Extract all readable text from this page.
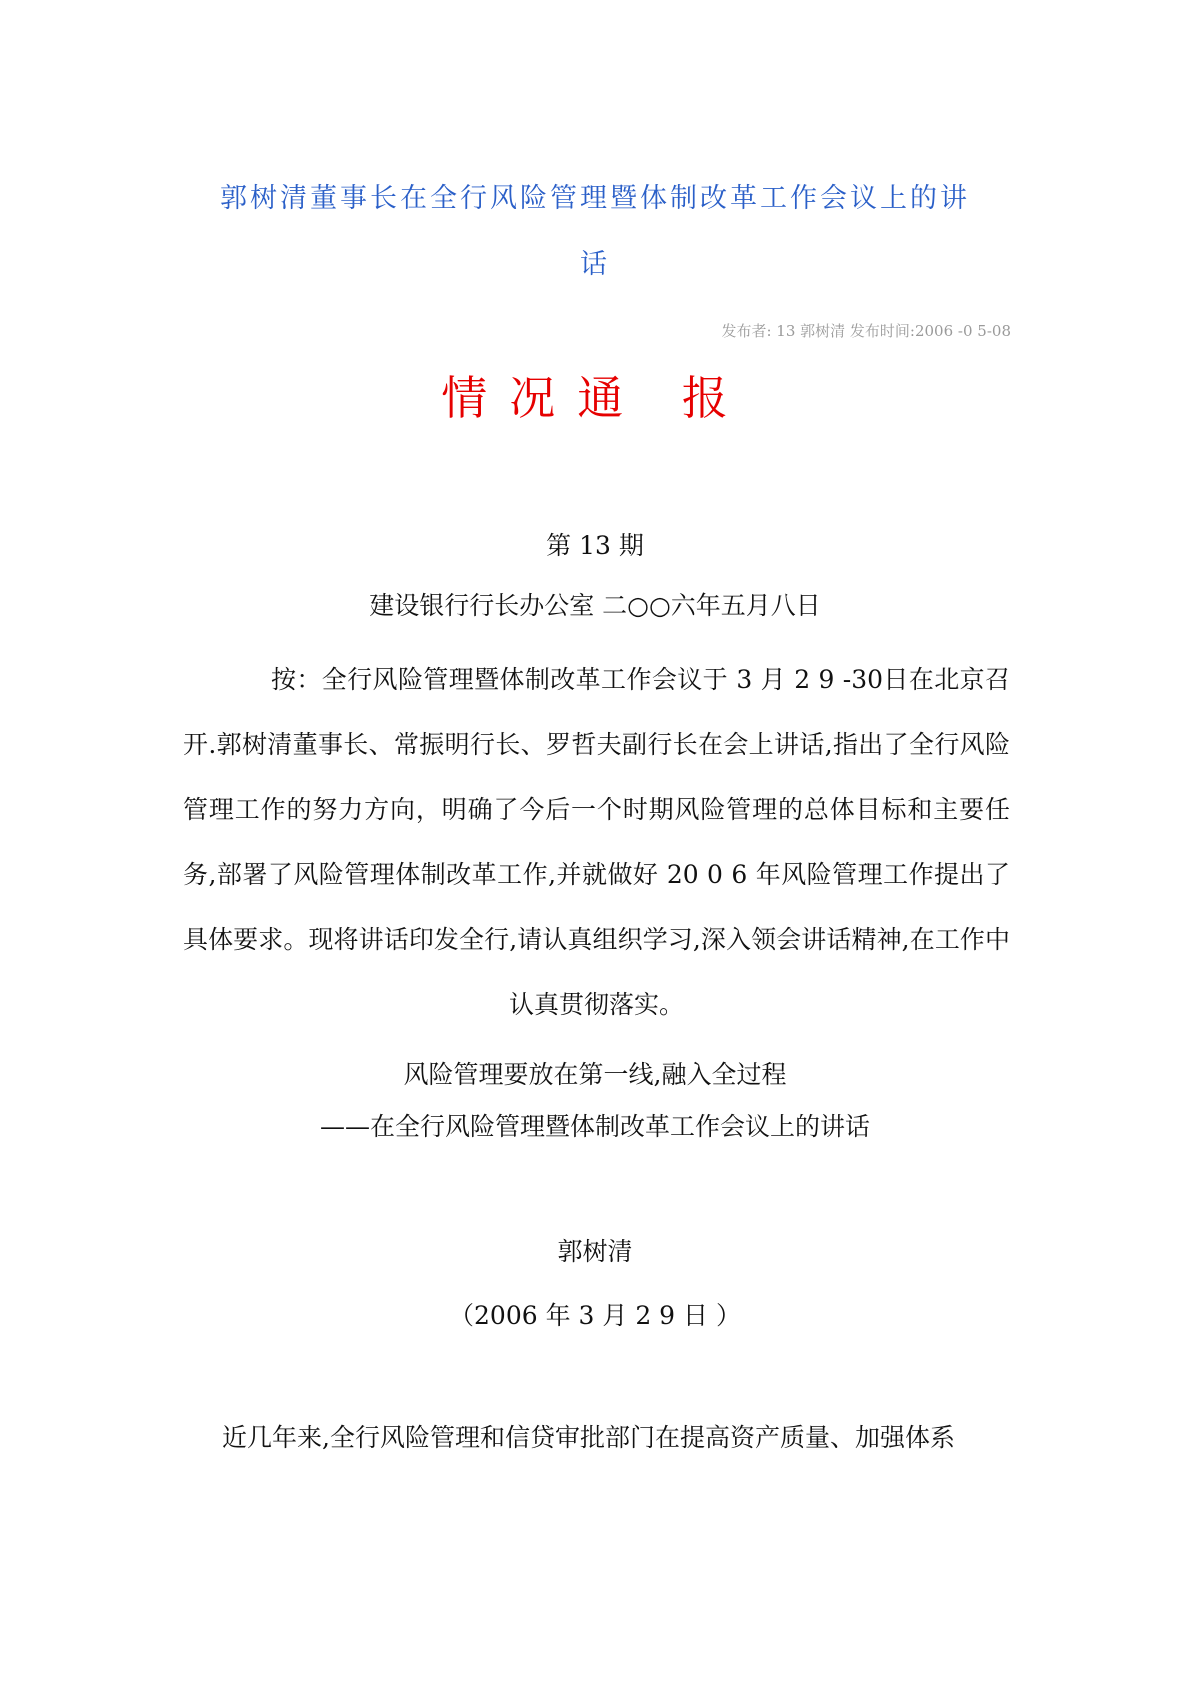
郭树清董事长在全行风险管理暨体制改革工作会议上的讲
话
发布者: 13 郭树清 发布时间:2006 -0 5-08
情况通 报
第 13 期
建设银行行长办公室 二○○六年五月八日
按：全行风险管理暨体制改革工作会议于 3 月 2 9 -30日在北京召开.郭树清董事长、常振明行长、罗哲夫副行长在会上讲话,指出了全行风险管理工作的努力方向，明确了今后一个时期风险管理的总体目标和主要任务,部署了风险管理体制改革工作,并就做好 20 0 6 年风险管理工作提出了具体要求。现将讲话印发全行,请认真组织学习,深入领会讲话精神,在工作中认真贯彻落实。
风险管理要放在第一线,融入全过程
——在全行风险管理暨体制改革工作会议上的讲话
郭树清
（2006 年 3 月 2 9 日 ）
近几年来,全行风险管理和信贷审批部门在提高资产质量、加强体系
